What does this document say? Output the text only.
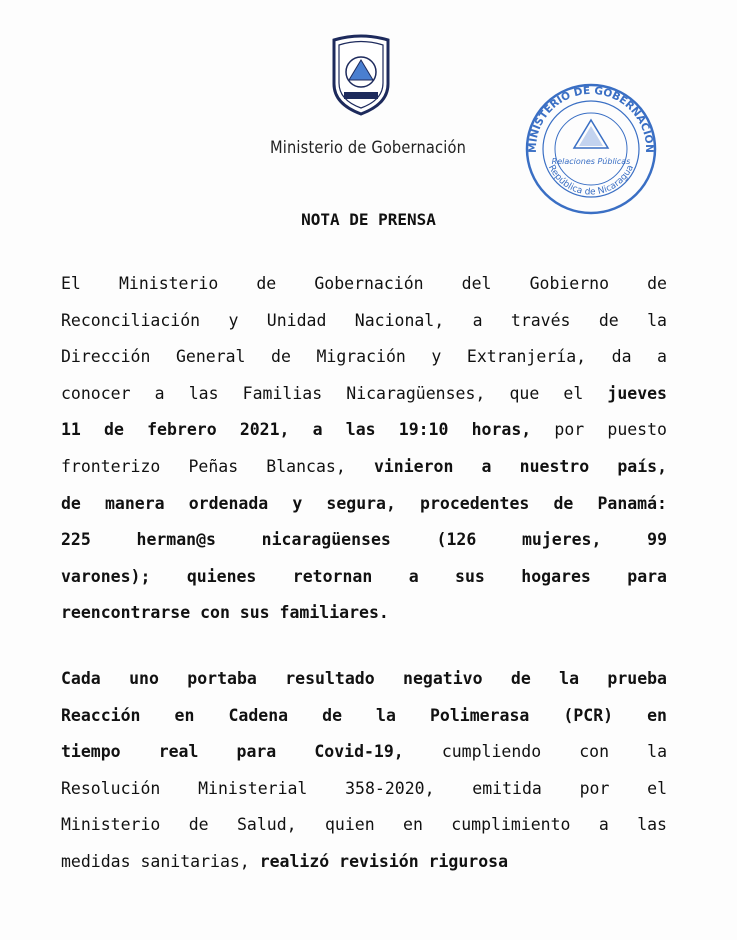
Ministerio de Gobernación	MINISTERIO DE GOBERNACION
Relaciones Públicas
República de Nicaragua
NOTA DE PRENSA
El Ministerio de Gobernación del Gobierno de
Reconciliación y Unidad Nacional, a través de la
Dirección General de Migración y Extranjería, da a
conocer a las Familias Nicaragüenses, que el jueves
11 de febrero 2021, a las 19:10 horas, por puesto
fronterizo Peñas Blancas, vinieron a nuestro país,
de manera ordenada y segura, procedentes de Panamá:
225 herman@s nicaragüenses (126 mujeres, 99
varones); quienes retornan a sus hogares para
reencontrarse con sus familiares.
Cada uno portaba resultado negativo de la prueba
Reacción en Cadena de la Polimerasa (PCR) en
tiempo real para Covid-19, cumpliendo con la
Resolución Ministerial 358-2020, emitida por el
Ministerio de Salud, quien en cumplimiento a las
medidas sanitarias, realizó revisión rigurosa
